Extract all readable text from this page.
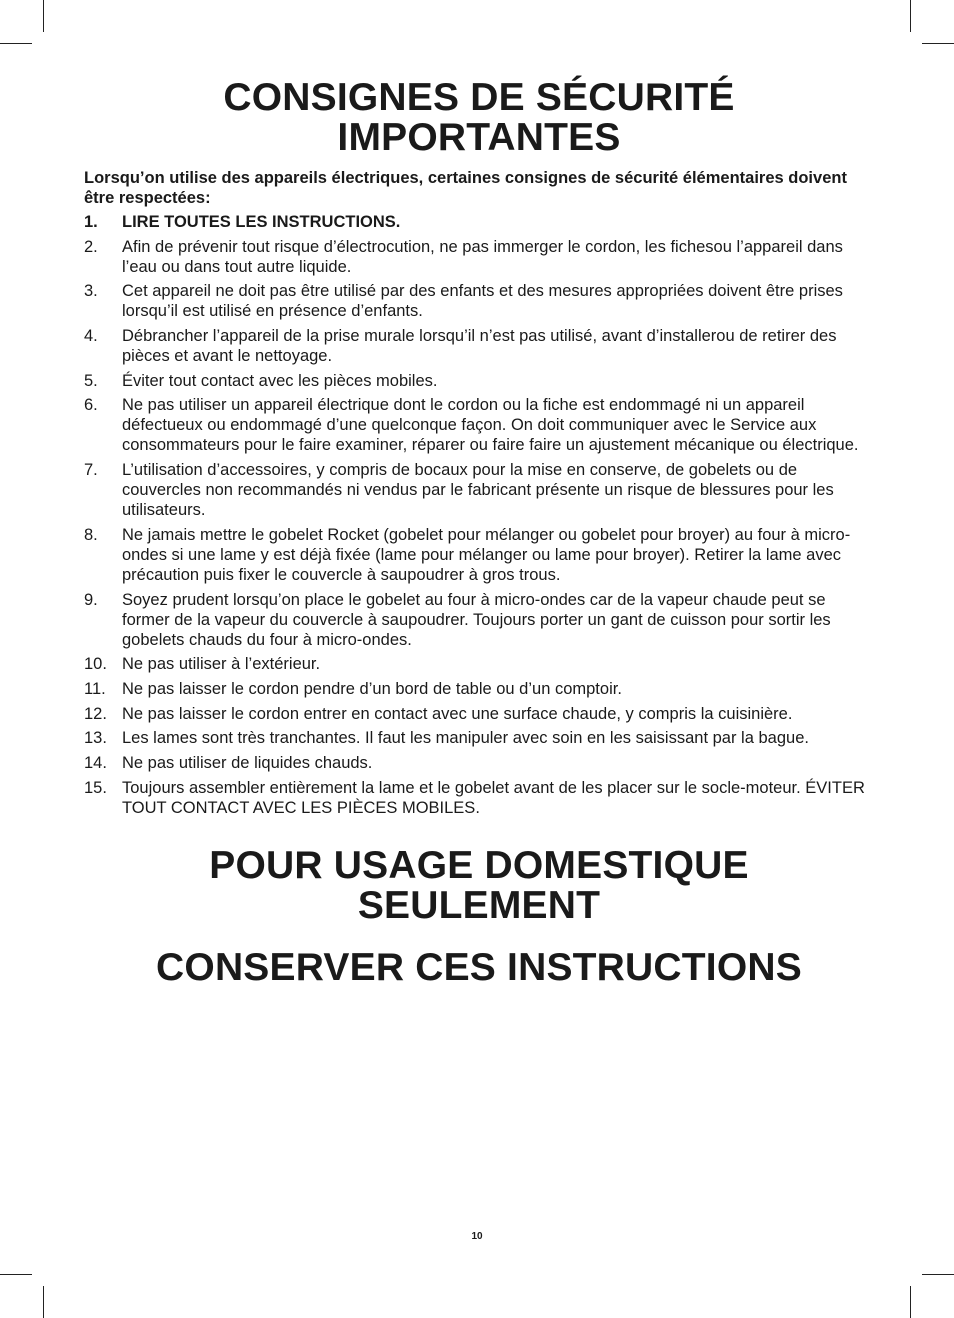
CONSIGNES DE SÉCURITÉ IMPORTANTES
Lorsqu’on utilise des appareils électriques, certaines consignes de sécurité élémentaires doivent être respectées:
1. LIRE TOUTES LES INSTRUCTIONS.
2. Afin de prévenir tout risque d’électrocution, ne pas immerger le cordon, les fichesou l’appareil dans l’eau ou dans tout autre liquide.
3. Cet appareil ne doit pas être utilisé par des enfants et des mesures appropriées doivent être prises lorsqu’il est utilisé en présence d’enfants.
4. Débrancher l’appareil de la prise murale lorsqu’il n’est pas utilisé, avant d’installerou de retirer des pièces et avant le nettoyage.
5. Éviter tout contact avec les pièces mobiles.
6. Ne pas utiliser un appareil électrique dont le cordon ou la fiche est endommagé ni un appareil défectueux ou endommagé d’une quelconque façon. On doit communiquer avec le Service aux consommateurs pour le faire examiner, réparer ou faire faire un ajustement mécanique ou électrique.
7. L’utilisation d’accessoires, y compris de bocaux pour la mise en conserve, de gobelets ou de couvercles non recommandés ni vendus par le fabricant présente un risque de blessures pour les utilisateurs.
8. Ne jamais mettre le gobelet Rocket (gobelet pour mélanger ou gobelet pour broyer) au four à micro-ondes si une lame y est déjà fixée (lame pour mélanger ou lame pour broyer). Retirer la lame avec précaution puis fixer le couvercle à saupoudrer à gros trous.
9. Soyez prudent lorsqu’on place le gobelet au four à micro-ondes car de la vapeur chaude peut se former de la vapeur du couvercle à saupoudrer. Toujours porter un gant de cuisson pour sortir les gobelets chauds du four à micro-ondes.
10. Ne pas utiliser à l’extérieur.
11. Ne pas laisser le cordon pendre d’un bord de table ou d’un comptoir.
12. Ne pas laisser le cordon entrer en contact avec une surface chaude, y compris la cuisinière.
13. Les lames sont très tranchantes. Il faut les manipuler avec soin en les saisissant par la bague.
14. Ne pas utiliser de liquides chauds.
15. Toujours assembler entièrement la lame et le gobelet avant de les placer sur le socle-moteur. ÉVITER TOUT CONTACT AVEC LES PIÈCES MOBILES.
POUR USAGE DOMESTIQUE SEULEMENT
CONSERVER CES INSTRUCTIONS
10
